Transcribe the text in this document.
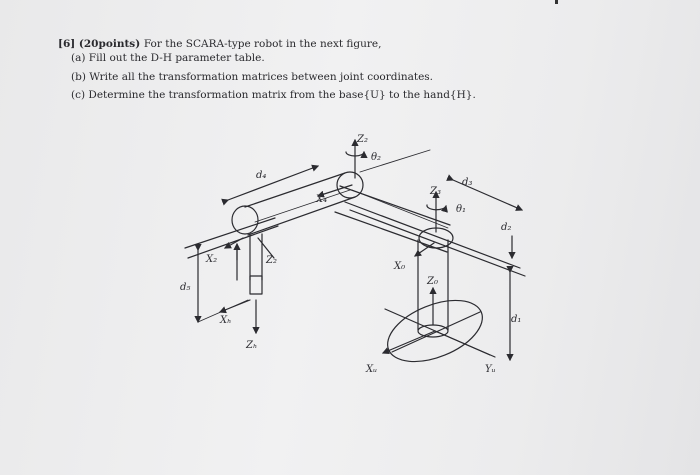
[6] (20points) For the SCARA-type robot in the next figure,
(a) Fill out the D-H parameter table.
(b) Write all the transformation matrices between joint coordinates.
(c) Determine the transformation matrix from the base{U} to the hand{H}.
Z₂
θ₂
d₄
X₄
Z₃
θ₁
d₃
d₂
Z₂
X₂
X₀
Z₀
d₅
Xₕ
Zₕ
d₁
Xᵤ	Yᵤ
